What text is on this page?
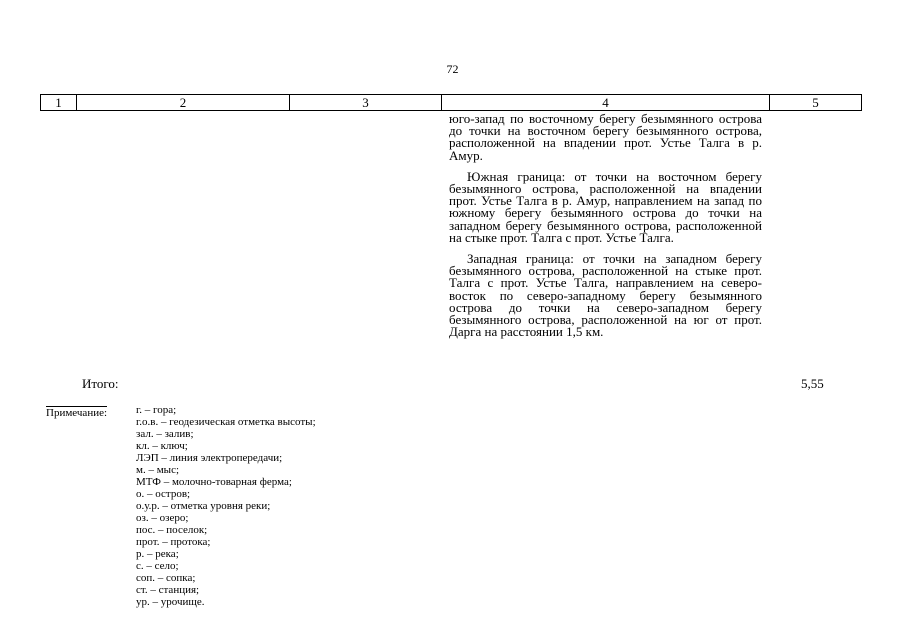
72
1	2	3	4	5

юго-запад по восточному берегу безымянного острова до точки на восточном берегу безымянного острова, расположенной на впадении прот. Устье Талга в р. Амур.

Южная граница: от точки на восточном берегу безымянного острова, расположенной на впадении прот. Устье Талга в р. Амур, направлением на запад по южному берегу безымянного острова до точки на западном берегу безымянного острова, расположенной на стыке прот. Талга с прот. Устье Талга.

Западная граница: от точки на западном берегу безымянного острова, расположенной на стыке прот. Талга с прот. Устье Талга, направлением на северо-восток по северо-западному берегу безымянного острова до точки на северо-западном берегу безымянного острова, расположенной на юг от прот. Дарга на расстоянии 1,5 км.

Итого:	5,55
Примечание:	г. – гора;
г.о.в. – геодезическая отметка высоты;
зал. – залив;
кл. – ключ;
ЛЭП – линия электропередачи;
м. – мыс;
МТФ – молочно-товарная ферма;
о. – остров;
о.у.р. – отметка уровня реки;
оз. – озеро;
пос. – поселок;
прот. – протока;
р. – река;
с. – село;
соп. – сопка;
ст. – станция;
ур. – урочище.
